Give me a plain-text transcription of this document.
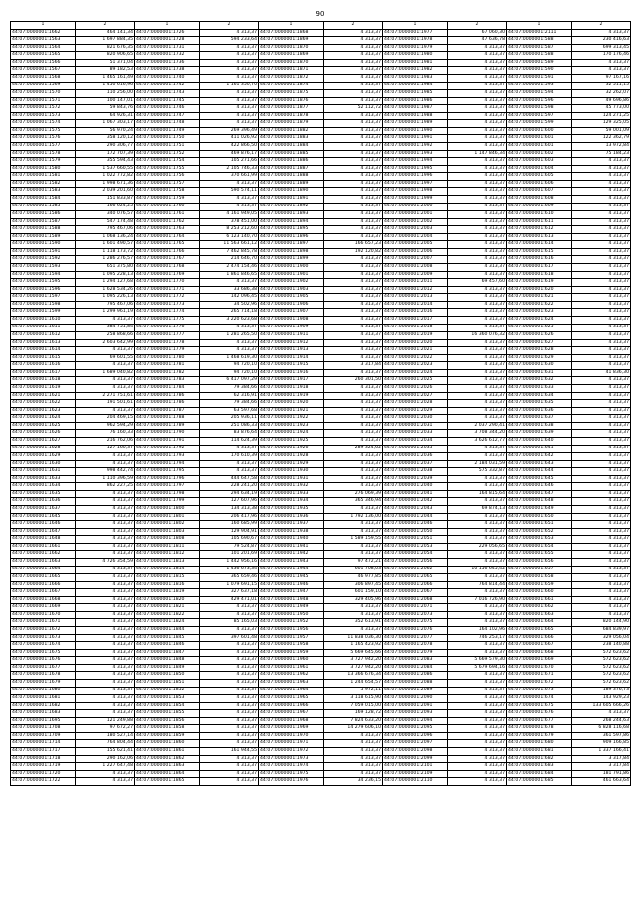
90
1	2	1	2	1	2	1	2	1	2
44:07:0000001:1662	464 141,34	44:07:0000001:1726	4 313,37	44:07:0000001:1868	4 313,37	44:07:0000001:1977	67 060,30	44:07:0000001:2111	4 313,37
44:07:0000001:1563	1 697 884,35	44:07:0000001:1728	594 233,64	44:07:0000001:1869	4 313,37	44:07:0000001:1978	47 636,78	44:07:0000001:588	230 416,63
44:07:0000001:1564	821 676,35	44:07:0000001:1731	4 313,37	44:07:0000001:1870	4 313,37	44:07:0000001:1979	4 313,37	44:07:0000001:587	699 313,45
44:07:0000001:1565	820 906,65	44:07:0000001:1732	4 313,37	44:07:0000001:1869	4 313,37	44:07:0000001:1980	4 313,37	44:07:0000001:588	170 176,46
44:07:0000001:1566	51 371,04	44:07:0000001:1736	4 313,37	44:07:0000001:1870	4 313,37	44:07:0000001:1981	4 313,37	44:07:0000001:589	4 313,37
44:07:0000001:1567	89 182,53	44:07:0000001:1738	4 313,37	44:07:0000001:1871	4 313,37	44:07:0000001:1982	4 313,37	44:07:0000001:590	4 313,37
44:07:0000001:1568	1 465 161,49	44:07:0000001:1740	4 313,37	44:07:0000001:1872	4 313,37	44:07:0000001:1983	4 313,37	44:07:0000001:591	97 167,16
44:07:0000001:1569	1 450 616,96	44:07:0000001:1742	1 161 350,70	44:07:0000001:1874	4 313,37	44:07:0000001:1984	4 313,37	44:07:0000001:593	32 511,15
44:07:0000001:1570	110 256,00	44:07:0000001:1743	4 313,37	44:07:0000001:1875	4 313,37	44:07:0000001:1985	4 313,37	44:07:0000001:594	32 262,07
44:07:0000001:1571	100 147,01	44:07:0000001:1745	4 313,37	44:07:0000001:1876	4 313,37	44:07:0000001:1986	4 313,37	44:07:0000001:596	49 696,86
44:07:0000001:1572	59 843,76	44:07:0000001:1746	4 313,37	44:07:0000001:1877	52 112,72	44:07:0000001:1987	4 313,37	44:07:0000001:598	45 773,00
44:07:0000001:1573	64 926,31	44:07:0000001:1747	4 313,37	44:07:0000001:1878	4 313,37	44:07:0000001:1988	4 313,37	44:07:0000001:597	124 271,25
44:07:0000001:1574	1 067 303,17	44:07:0000001:1748	4 313,37	44:07:0000001:1879	4 313,37	44:07:0000001:1989	4 313,37	44:07:0000001:599	129 325,05
44:07:0000001:1575	56 970,24	44:07:0000001:1749	269 396,49	44:07:0000001:1882	4 313,37	44:07:0000001:1990	4 313,37	44:07:0000001:600	59 001,09
44:07:0000001:1576	358 120,12	44:07:0000001:1750	411 026,92	44:07:0000001:1883	4 313,37	44:07:0000001:1991	4 313,37	44:07:0000001:601	122 362,79
44:07:0000001:1577	290 306,77	44:07:0000001:1751	422 866,50	44:07:0000001:1884	4 313,37	44:07:0000001:1992	4 313,37	44:07:0000001:601	13 972,84
44:07:0000001:1578	172 707,39	44:07:0000001:1752	469 876,17	44:07:0000001:1885	4 313,37	44:07:0000001:1993	1 147 846,34	44:07:0000001:602	75 184,23
44:07:0000001:1579	355 594,43	44:07:0000001:1754	105 271,66	44:07:0000001:1886	4 313,37	44:07:0000001:1994	4 313,37	44:07:0000001:603	4 313,37
44:07:0000001:1580	1 537 660,55	44:07:0000001:1755	2 105 746,33	44:07:0000001:1887	4 313,37	44:07:0000001:1995	4 313,37	44:07:0000001:604	4 313,37
44:07:0000001:1581	1 022 772,82	44:07:0000001:1756	370 661,99	44:07:0000001:1888	4 313,37	44:07:0000001:1996	4 313,37	44:07:0000001:605	4 313,37
44:07:0000001:1582	1 998 671,36	44:07:0000001:1757	4 313,37	44:07:0000001:1889	4 313,37	44:07:0000001:1997	4 313,37	44:07:0000001:606	4 313,37
44:07:0000001:1583	2 039 201,60	44:07:0000001:1758	590 574,11	44:07:0000001:1890	4 313,37	44:07:0000001:1998	4 313,37	44:07:0000001:607	4 313,37
44:07:0000001:1584	151 833,87	44:07:0000001:1759	4 313,37	44:07:0000001:1891	4 313,37	44:07:0000001:1999	4 313,37	44:07:0000001:608	4 313,37
44:07:0000001:1585	166 624,25	44:07:0000001:1760	4 313,37	44:07:0000001:1892	4 313,37	44:07:0000001:2000	4 313,37	44:07:0000001:609	4 313,37
44:07:0000001:1586	340 076,57	44:07:0000001:1761	4 161 949,05	44:07:0000001:1893	4 313,37	44:07:0000001:2001	4 313,37	44:07:0000001:610	4 313,37
44:07:0000001:1587	547 174,48	44:07:0000001:1762	378 451,00	44:07:0000001:1894	4 313,37	44:07:0000001:2002	4 313,37	44:07:0000001:611	4 313,37
44:07:0000001:1588	795 467,06	44:07:0000001:1763	8 253 212,60	44:07:0000001:1895	4 313,37	44:07:0000001:2003	4 313,37	44:07:0000001:612	4 313,37
44:07:0000001:1589	1 068 136,24	44:07:0000001:1764	6 123 140,70	44:07:0000001:1896	4 313,37	44:07:0000001:2004	4 313,37	44:07:0000001:613	4 313,37
44:07:0000001:1590	1 601 490,57	44:07:0000001:1765	11 563 661,12	44:07:0000001:1897	166 657,23	44:07:0000001:2005	4 313,37	44:07:0000001:614	4 313,37
44:07:0000001:1591	1 118 173,72	44:07:0000001:1766	7 462 845,78	44:07:0000001:1898	192 120,82	44:07:0000001:2006	4 313,37	44:07:0000001:615	4 313,37
44:07:0000001:1592	1 286 276,57	44:07:0000001:1767	214 646,70	44:07:0000001:1899	4 313,37	44:07:0000001:2007	4 313,37	44:07:0000001:616	4 313,37
44:07:0000001:1593	651 375,80	44:07:0000001:1768	2 474 154,46	44:07:0000001:1900	4 313,37	44:07:0000001:2008	4 313,37	44:07:0000001:617	4 313,37
44:07:0000001:1594	1 095 228,13	44:07:0000001:1769	1 861 846,65	44:07:0000001:1901	4 313,37	44:07:0000001:2009	4 313,37	44:07:0000001:618	4 313,37
44:07:0000001:1595	1 294 127,68	44:07:0000001:1770	4 313,37	44:07:0000001:1902	4 313,37	44:07:0000001:2011	69 457,60	44:07:0000001:619	4 313,37
44:07:0000001:1596	1 628 534,26	44:07:0000001:1771	33 686,38	44:07:0000001:1903	4 313,37	44:07:0000001:2012	4 313,37	44:07:0000001:620	4 313,37
44:07:0000001:1597	1 095 226,13	44:07:0000001:1772	142 096,45	44:07:0000001:1905	4 313,37	44:07:0000001:2013	4 313,37	44:07:0000001:621	4 313,37
44:07:0000001:1598	795 467,06	44:07:0000001:1773	34 502,96	44:07:0000001:1906	4 313,37	44:07:0000001:2014	4 313,37	44:07:0000001:622	4 313,37
44:07:0000001:1599	1 299 961,19	44:07:0000001:1774	265 714,18	44:07:0000001:1907	4 313,37	44:07:0000001:2016	4 313,37	44:07:0000001:623	4 313,37
44:07:0000001:1610	4 313,37	44:07:0000001:1775	3 220 623,68	44:07:0000001:1908	4 313,37	44:07:0000001:2017	4 313,37	44:07:0000001:624	4 313,37
44:07:0000001:1611	384 751,84	44:07:0000001:1776	4 313,37	44:07:0000001:1909	4 313,37	44:07:0000001:2018	4 313,37	44:07:0000001:625	4 313,37
44:07:0000001:1612	258 868,66	44:07:0000001:1777	1 281 265,50	44:07:0000001:1911	4 313,37	44:07:0000001:2019	16 360 076,32	44:07:0000001:626	4 313,37
44:07:0000001:1613	2 603 642,99	44:07:0000001:1778	4 313,37	44:07:0000001:1912	4 313,37	44:07:0000001:2020	4 313,37	44:07:0000001:627	4 313,37
44:07:0000001:1614	4 313,37	44:07:0000001:1779	4 313,37	44:07:0000001:1913	4 313,37	44:07:0000001:2021	4 313,37	44:07:0000001:628	4 313,37
44:07:0000001:1615	69 601,55	44:07:0000001:1780	1 468 619,30	44:07:0000001:1914	4 313,37	44:07:0000001:2022	4 313,37	44:07:0000001:629	4 313,37
44:07:0000001:1616	4 313,37	44:07:0000001:1781	94 720,10	44:07:0000001:1915	3 317,84	44:07:0000001:2023	4 313,37	44:07:0000001:630	4 313,37
44:07:0000001:1617	1 689 040,82	44:07:0000001:1782	94 720,10	44:07:0000001:1916	4 313,37	44:07:0000001:2024	4 313,37	44:07:0000001:631	41 836,30
44:07:0000001:1618	4 313,37	44:07:0000001:1783	6 417 097,29	44:07:0000001:1917	260 301,50	44:07:0000001:2025	4 313,37	44:07:0000001:632	4 313,37
44:07:0000001:1619	4 313,37	44:07:0000001:1784	79 384,66	44:07:0000001:1918	4 313,37	44:07:0000001:2026	4 313,37	44:07:0000001:633	4 313,37
44:07:0000001:1621	2 271 751,61	44:07:0000001:1786	62 316,91	44:07:0000001:1919	4 313,37	44:07:0000001:2027	4 313,37	44:07:0000001:634	4 313,37
44:07:0000001:1622	191 501,61	44:07:0000001:1786	79 384,66	44:07:0000001:1920	4 313,37	44:07:0000001:2028	4 313,37	44:07:0000001:635	4 313,37
44:07:0000001:1623	4 313,37	44:07:0000001:1787	63 597,68	44:07:0000001:1921	4 313,37	44:07:0000001:2029	4 313,37	44:07:0000001:636	4 313,37
44:07:0000001:1624	204 469,15	44:07:0000001:1788	205 936,11	44:07:0000001:1922	4 313,37	44:07:0000001:2030	4 313,37	44:07:0000001:637	4 313,37
44:07:0000001:1625	962 594,29	44:07:0000001:1789	251 086,33	44:07:0000001:1923	4 313,37	44:07:0000001:2031	2 037 290,41	44:07:0000001:638	4 313,37
44:07:0000001:1626	76 160,33	44:07:0000001:1790	83 876,64	44:07:0000001:1924	4 313,37	44:07:0000001:2033	3 708 344,20	44:07:0000001:639	4 313,37
44:07:0000001:1627	216 762,06	44:07:0000001:1791	114 624,39	44:07:0000001:1925	4 313,37	44:07:0000001:2034	3 626 612,77	44:07:0000001:640	4 313,37
44:07:0000001:1628	127 160,37	44:07:0000001:1792	4 313,37	44:07:0000001:1926	289 324,62	44:07:0000001:2035	4 313,37	44:07:0000001:641	4 313,37
44:07:0000001:1629	4 313,37	44:07:0000001:1793	170 610,39	44:07:0000001:1928	4 313,37	44:07:0000001:2036	4 313,37	44:07:0000001:642	4 313,37
44:07:0000001:1630	4 313,37	44:07:0000001:1794	4 313,37	44:07:0000001:1929	4 313,37	44:07:0000001:2037	2 184 031,59	44:07:0000001:643	4 313,37
44:07:0000001:1631	998 442,74	44:07:0000001:1795	4 313,37	44:07:0000001:1930	4 313,37	44:07:0000001:2038	575 332,87	44:07:0000001:644	4 313,37
44:07:0000001:1633	1 110 396,59	44:07:0000001:1796	444 647,58	44:07:0000001:1931	4 313,37	44:07:0000001:2039	4 313,37	44:07:0000001:645	4 313,37
44:07:0000001:1634	862 227,25	44:07:0000001:1797	228 241,20	44:07:0000001:1932	4 313,37	44:07:0000001:2040	4 313,37	44:07:0000001:646	4 313,37
44:07:0000001:1635	4 313,37	44:07:0000001:1798	294 634,19	44:07:0000001:1933	276 069,39	44:07:0000001:2041	164 815,64	44:07:0000001:647	4 313,37
44:07:0000001:1636	4 313,37	44:07:0000001:1799	127 607,96	44:07:0000001:1934	365 346,94	44:07:0000001:2042	4 313,37	44:07:0000001:648	4 313,37
44:07:0000001:1637	4 313,37	44:07:0000001:1800	134 313,38	44:07:0000001:1935	4 313,37	44:07:0000001:2043	69 874,13	44:07:0000001:649	4 313,37
44:07:0000001:1645	4 313,37	44:07:0000001:1801	206 417,96	44:07:0000001:1936	1 792 136,00	44:07:0000001:2044	4 313,37	44:07:0000001:650	4 313,37
44:07:0000001:1646	4 313,37	44:07:0000001:1802	160 685,99	44:07:0000001:1937	4 313,37	44:07:0000001:2046	4 313,37	44:07:0000001:651	4 313,37
44:07:0000001:1647	4 313,37	44:07:0000001:1803	129 904,91	44:07:0000001:1938	4 313,37	44:07:0000001:2050	4 313,37	44:07:0000001:652	4 313,37
44:07:0000001:1648	4 313,37	44:07:0000001:1808	105 690,67	44:07:0000001:1940	1 589 159,55	44:07:0000001:2051	4 313,37	44:07:0000001:653	4 313,37
44:07:0000001:1661	4 313,37	44:07:0000001:1811	79 524,87	44:07:0000001:1941	4 313,37	44:07:0000001:2053	229 056,65	44:07:0000001:654	4 313,37
44:07:0000001:1662	4 313,37	44:07:0000001:1812	101 201,69	44:07:0000001:1942	4 313,37	44:07:0000001:2054	4 313,37	44:07:0000001:655	4 313,37
44:07:0000001:1663	4 726 354,59	44:07:0000001:1813	1 442 956,16	44:07:0000001:1943	97 472,21	44:07:0000001:2056	4 313,37	44:07:0000001:656	4 313,37
44:07:0000001:1664	4 313,37	44:07:0000001:1814	1 436 673,34	44:07:0000001:1944	601 708,03	44:07:0000001:2062	10 156 645,42	44:07:0000001:657	4 313,37
44:07:0000001:1665	4 313,37	44:07:0000001:1815	365 659,46	44:07:0000001:1945	46 977,85	44:07:0000001:2065	4 313,37	44:07:0000001:658	4 313,37
44:07:0000001:1666	4 313,37	44:07:0000001:1816	1 079 691,15	44:07:0000001:1946	306 897,45	44:07:0000001:2066	764 814,44	44:07:0000001:659	4 313,37
44:07:0000001:1667	4 313,37	44:07:0000001:1819	327 637,18	44:07:0000001:1947	601 159,10	44:07:0000001:2067	4 313,37	44:07:0000001:660	4 313,37
44:07:0000001:1668	4 313,37	44:07:0000001:1820	429 471,01	44:07:0000001:1948	329 405,96	44:07:0000001:2068	7 016 726,90	44:07:0000001:661	4 313,37
44:07:0000001:1669	4 313,37	44:07:0000001:1821	4 313,37	44:07:0000001:1949	4 313,37	44:07:0000001:2071	4 313,37	44:07:0000001:662	4 313,37
44:07:0000001:1670	4 313,37	44:07:0000001:1822	4 313,37	44:07:0000001:1950	4 313,37	44:07:0000001:2073	4 313,37	44:07:0000001:663	4 313,37
44:07:0000001:1671	4 313,37	44:07:0000001:1824	85 165,03	44:07:0000001:1952	352 613,91	44:07:0000001:2075	4 313,37	44:07:0000001:664	820 144,90
44:07:0000001:1672	4 313,37	44:07:0000001:1844	4 313,37	44:07:0000001:1956	4 313,37	44:07:0000001:2076	164 102,96	44:07:0000001:665	684 839,97
44:07:0000001:1673	4 313,37	44:07:0000001:1845	397 601,48	44:07:0000001:1957	11 838 036,30	44:07:0000001:2077	746 253,17	44:07:0000001:666	329 056,04
44:07:0000001:1674	4 313,37	44:07:0000001:1846	4 313,37	44:07:0000001:1958	1 165 423,92	44:07:0000001:2078	4 313,37	44:07:0000001:667	238 140,88
44:07:0000001:1675	4 313,37	44:07:0000001:1847	4 313,37	44:07:0000001:1959	5 669 645,66	44:07:0000001:2079	4 313,37	44:07:0000001:668	572 623,62
44:07:0000001:1676	4 313,37	44:07:0000001:1848	4 313,37	44:07:0000001:1960	3 727 942,20	44:07:0000001:2083	5 669 579,30	44:07:0000001:669	572 623,62
44:07:0000001:1677	4 313,37	44:07:0000001:1849	4 313,37	44:07:0000001:1961	3 727 942,20	44:07:0000001:2084	5 679 694,16	44:07:0000001:670	572 623,62
44:07:0000001:1678	4 313,37	44:07:0000001:1850	4 313,37	44:07:0000001:1962	13 366 676,34	44:07:0000001:2086	4 313,37	44:07:0000001:671	572 623,62
44:07:0000001:1679	4 313,37	44:07:0000001:1851	4 313,37	44:07:0000001:1963	1 244 654,57	44:07:0000001:2088	4 313,37	44:07:0000001:672	572 623,62
44:07:0000001:1680	4 313,37	44:07:0000001:1852	4 313,37	44:07:0000001:1964	5 972,11	44:07:0000001:2089	4 313,37	44:07:0000001:673	189 376,73
44:07:0000001:1681	4 313,37	44:07:0000001:1853	4 313,37	44:07:0000001:1965	3 118 615,90	44:07:0000001:2090	4 313,37	44:07:0000001:674	143 929,23
44:07:0000001:1682	4 313,37	44:07:0000001:1854	4 313,37	44:07:0000001:1966	7 059 015,00	44:07:0000001:2091	4 313,37	44:07:0000001:675	133 605 666,26
44:07:0000001:1683	4 313,37	44:07:0000001:1855	4 313,37	44:07:0000001:1967	169 128,72	44:07:0000001:2093	4 313,37	44:07:0000001:676	4 313,37
44:07:0000001:1695	121 249,88	44:07:0000001:1856	4 313,37	44:07:0000001:1968	7 824 633,20	44:07:0000001:2094	4 313,37	44:07:0000001:677	268 244,63
44:07:0000001:1708	97 672,27	44:07:0000001:1858	4 313,37	44:07:0000001:1969	14 279 606,10	44:07:0000001:2095	4 313,37	44:07:0000001:678	6 828 116,68
44:07:0000001:1709	180 527,14	44:07:0000001:1859	4 313,37	44:07:0000001:1970	4 313,37	44:07:0000001:2096	4 313,37	44:07:0000001:679	361 597,86
44:07:0000001:1714	764 804,44	44:07:0000001:1860	4 313,37	44:07:0000001:1971	4 313,37	44:07:0000001:2097	4 313,37	44:07:0000001:680	909 166,85
44:07:0000001:1717	155 621,41	44:07:0000001:1861	161 944,55	44:07:0000001:1972	4 313,37	44:07:0000001:2098	4 313,37	44:07:0000001:681	1 337 166,41
44:07:0000001:1718	290 162,06	44:07:0000001:1862	4 313,37	44:07:0000001:1973	4 313,37	44:07:0000001:2099	4 313,37	44:07:0000001:682	3 317,84
44:07:0000001:1719	1 227 647,48	44:07:0000001:1863	4 313,37	44:07:0000001:1974	4 313,37	44:07:0000001:2101	4 313,37	44:07:0000001:683	3 317,84
44:07:0000001:1720	4 313,37	44:07:0000001:1864	4 313,37	44:07:0000001:1975	4 313,37	44:07:0000001:2109	4 313,37	44:07:0000001:684	181 791,86
44:07:0000001:1722	4 313,37	44:07:0000001:1865	4 313,37	44:07:0000001:1976	34 236,15	44:07:0000001:2110	4 313,37	44:07:0000001:685	461 663,64
